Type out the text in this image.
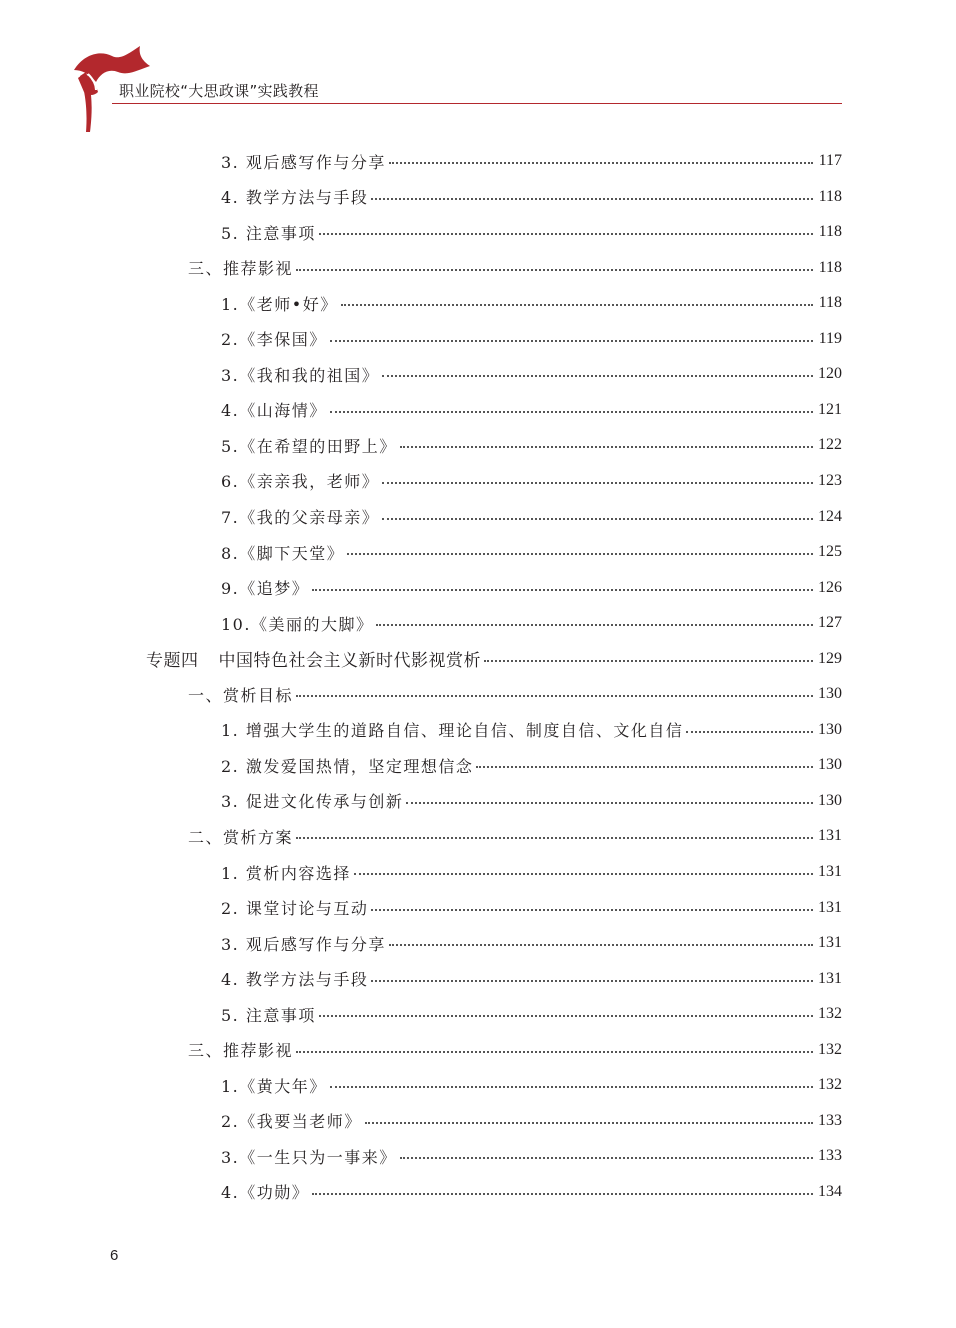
职业院校“大思政课”实践教程
3. 观后感写作与分享	117
4. 教学方法与手段	118
5. 注意事项	118
三、推荐影视	118
1.《老师•好》	118
2.《李保国》	119
3.《我和我的祖国》	120
4.《山海情》	121
5.《在希望的田野上》	122
6.《亲亲我，老师》	123
7.《我的父亲母亲》	124
8.《脚下天堂》	125
9.《追梦》	126
10.《美丽的大脚》	127
专题四 中国特色社会主义新时代影视赏析	129
一、赏析目标	130
1. 增强大学生的道路自信、理论自信、制度自信、文化自信	130
2. 激发爱国热情，坚定理想信念	130
3. 促进文化传承与创新	130
二、赏析方案	131
1. 赏析内容选择	131
2. 课堂讨论与互动	131
3. 观后感写作与分享	131
4. 教学方法与手段	131
5. 注意事项	132
三、推荐影视	132
1.《黄大年》	132
2.《我要当老师》	133
3.《一生只为一事来》	133
4.《功勋》	134
6
